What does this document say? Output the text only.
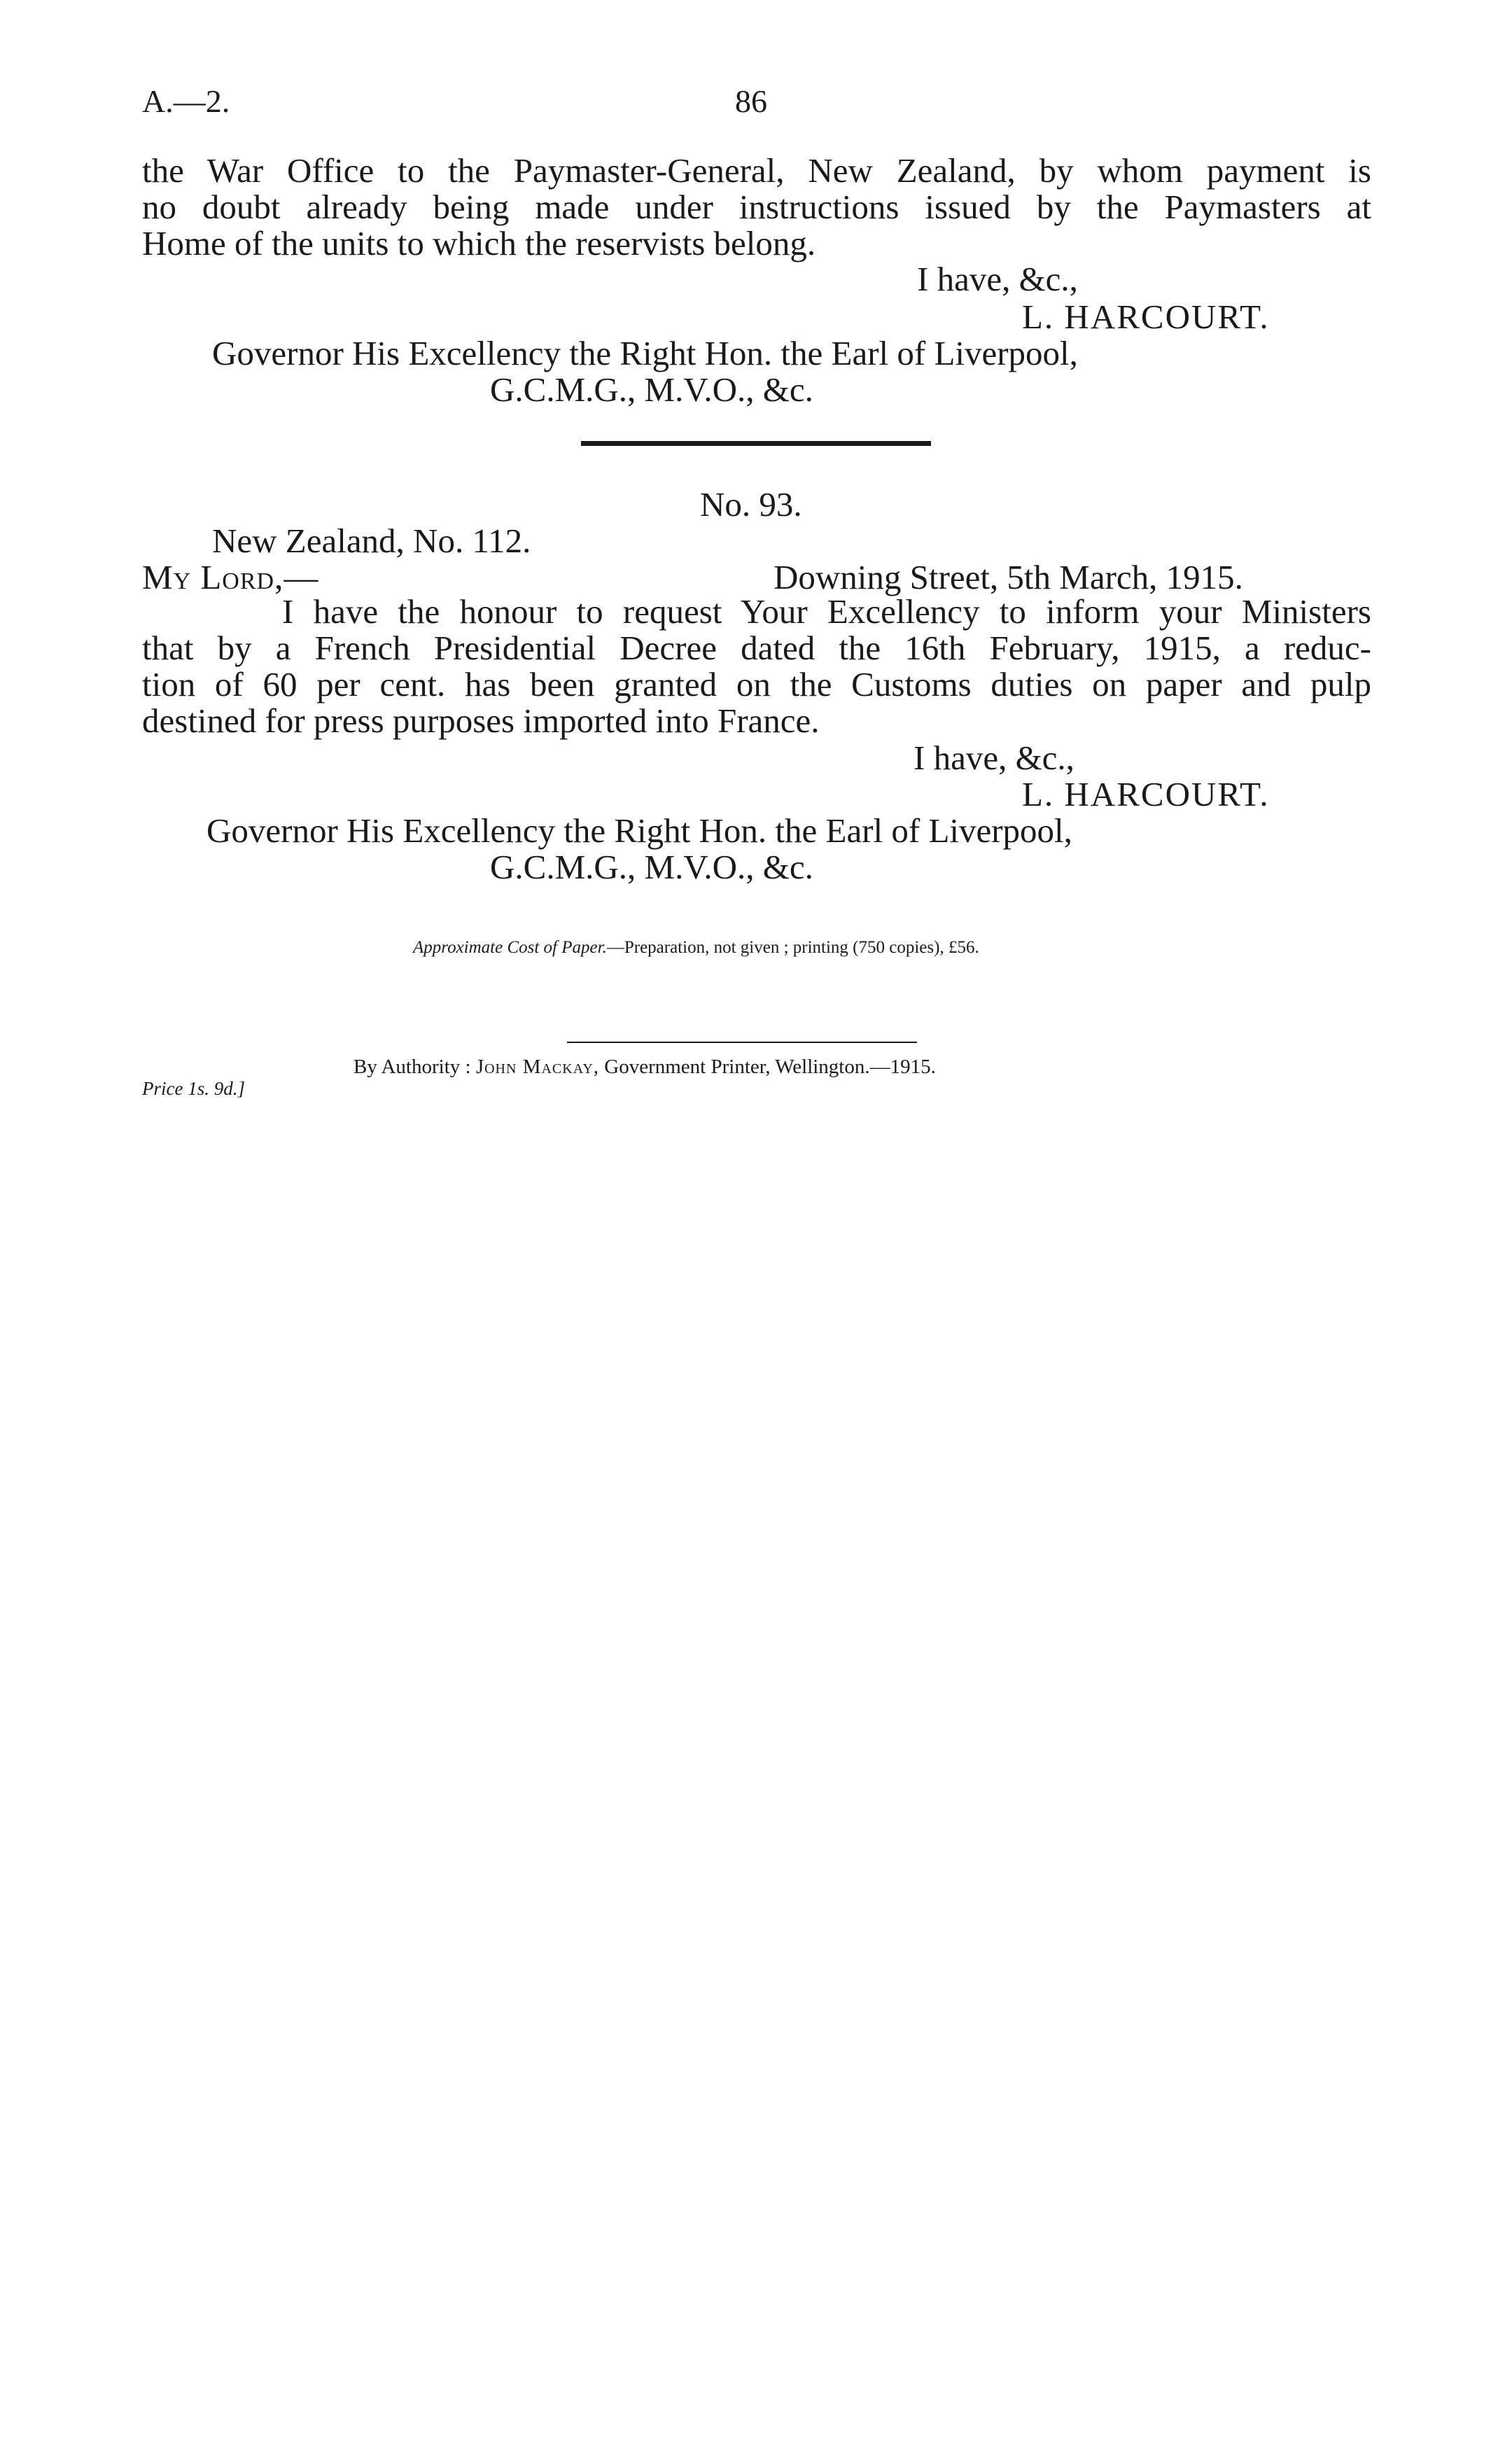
A.—2.	86
the War Office to the Paymaster-General, New Zealand, by whom payment is
no doubt already being made under instructions issued by the Paymasters at
Home of the units to which the reservists belong.
I have, &c.,
L. HARCOURT.
Governor His Excellency the Right Hon. the Earl of Liverpool,
G.C.M.G., M.V.O., &c.
No. 93.
New Zealand, No. 112.
My Lord,—	Downing Street, 5th March, 1915.
I have the honour to request Your Excellency to inform your Ministers
that by a French Presidential Decree dated the 16th February, 1915, a reduc-
tion of 60 per cent. has been granted on the Customs duties on paper and pulp
destined for press purposes imported into France.
I have, &c.,
L. HARCOURT.
Governor His Excellency the Right Hon. the Earl of Liverpool,
G.C.M.G., M.V.O., &c.
Approximate Cost of Paper.—Preparation, not given ; printing (750 copies), £56.
By Authority : John Mackay, Government Printer, Wellington.—1915.
Price 1s. 9d.]
